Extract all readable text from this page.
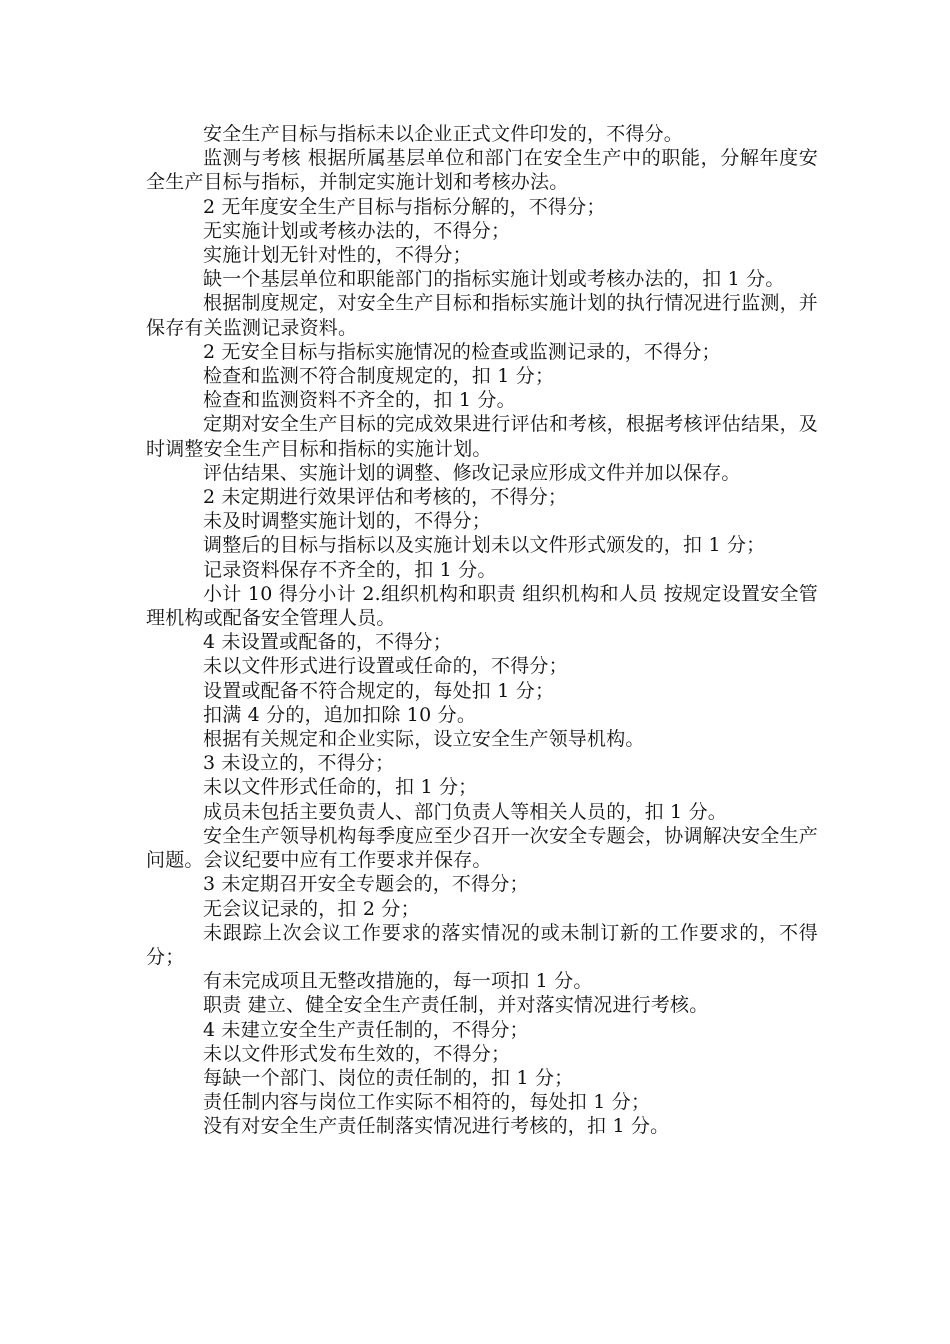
安全生产目标与指标未以企业正式文件印发的，不得分。

监测与考核 根据所属基层单位和部门在安全生产中的职能，分解年度安全生产目标与指标，并制定实施计划和考核办法。

2 无年度安全生产目标与指标分解的，不得分；

无实施计划或考核办法的，不得分；

实施计划无针对性的，不得分；

缺一个基层单位和职能部门的指标实施计划或考核办法的，扣 1 分。

根据制度规定，对安全生产目标和指标实施计划的执行情况进行监测，并保存有关监测记录资料。

2 无安全目标与指标实施情况的检查或监测记录的，不得分；

检查和监测不符合制度规定的，扣 1 分；

检查和监测资料不齐全的，扣 1 分。

定期对安全生产目标的完成效果进行评估和考核，根据考核评估结果，及时调整安全生产目标和指标的实施计划。

评估结果、实施计划的调整、修改记录应形成文件并加以保存。

2 未定期进行效果评估和考核的，不得分；

未及时调整实施计划的，不得分；

调整后的目标与指标以及实施计划未以文件形式颁发的，扣 1 分；

记录资料保存不齐全的，扣 1 分。

小计 10 得分小计 2.组织机构和职责 组织机构和人员 按规定设置安全管理机构或配备安全管理人员。

4 未设置或配备的，不得分；

未以文件形式进行设置或任命的，不得分；

设置或配备不符合规定的，每处扣 1 分；

扣满 4 分的，追加扣除 10 分。

根据有关规定和企业实际，设立安全生产领导机构。

3 未设立的，不得分；

未以文件形式任命的，扣 1 分；

成员未包括主要负责人、部门负责人等相关人员的，扣 1 分。

安全生产领导机构每季度应至少召开一次安全专题会，协调解决安全生产问题。会议纪要中应有工作要求并保存。

3 未定期召开安全专题会的，不得分；

无会议记录的，扣 2 分；

未跟踪上次会议工作要求的落实情况的或未制订新的工作要求的，不得分；

有未完成项且无整改措施的，每一项扣 1 分。

职责 建立、健全安全生产责任制，并对落实情况进行考核。

4 未建立安全生产责任制的，不得分；

未以文件形式发布生效的，不得分；

每缺一个部门、岗位的责任制的，扣 1 分；

责任制内容与岗位工作实际不相符的，每处扣 1 分；

没有对安全生产责任制落实情况进行考核的，扣 1 分。
